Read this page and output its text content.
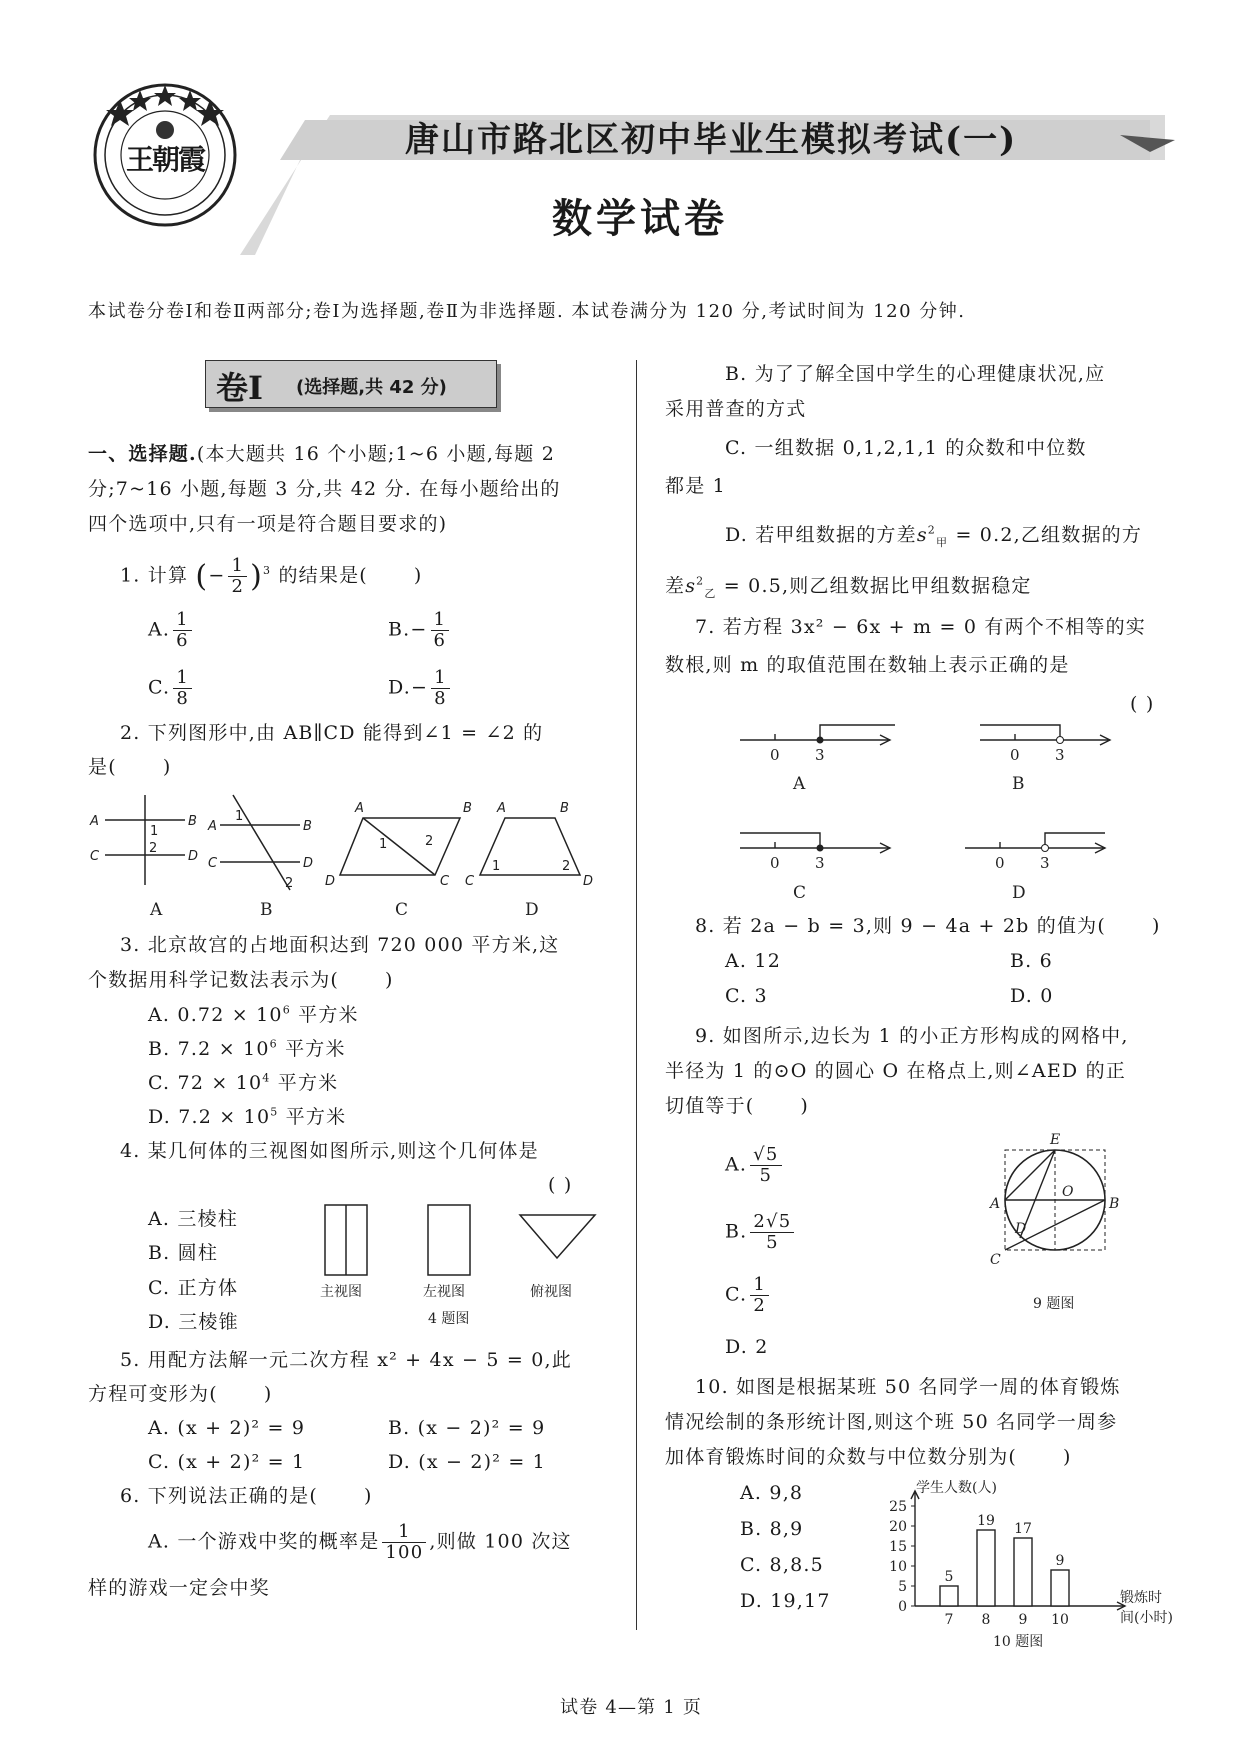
王朝霞	唐山市路北区初中毕业生模拟考试(一)
数学试卷
本试卷分卷Ⅰ和卷Ⅱ两部分;卷Ⅰ为选择题,卷Ⅱ为非选择题. 本试卷满分为 120 分,考试时间为 120 分钟.
卷Ⅰ (选择题,共 42 分)
一、选择题.(本大题共 16 个小题;1~6 小题,每题 2
分;7~16 小题,每题 3 分,共 42 分. 在每小题给出的
四个选项中,只有一项是符合题目要求的)
1. 计算 (− $\frac{1}{2} )^3$ 的结果是( )
A. $\frac{1}{6}$	$B.- \frac{1}{6}$
C. $\frac{1}{8}$	$D.- \frac{1}{8}$
2. 下列图形中,由 AB∥CD 能得到∠1 = ∠2 的
是( )
A	B
C	D
1
2
A	B
C	D
1
2
A	B
D	C
1	2
A	B
C	D
1	2
A	B	C	D
3. 北京故宫的占地面积达到 720 000 平方米,这
个数据用科学记数法表示为( )
A. $0.72 \times 10^6$ 平方米
B. $7.2 \times 10^6$ 平方米
C. $72 \times 10^4$ 平方米
D. $7.2 \times 10^5$ 平方米
4. 某几何体的三视图如图所示,则这个几何体是
( )
A. 三棱柱
B. 圆柱
C. 正方体
D. 三棱锥
主视图	左视图	俯视图
4 题图
5. 用配方法解一元二次方程 x² + 4x − 5 = 0,此
方程可变形为( )
A. (x + 2)² = 9	B. (x − 2)² = 9
C. (x + 2)² = 1	D. (x − 2)² = 1
6. 下列说法正确的是( )
A. 一个游戏中奖的概率是 $\frac{1}{100}$ ,则做 100 次这
样的游戏一定会中奖
B. 为了了解全国中学生的心理健康状况,应
采用普查的方式
C. 一组数据 0,1,2,1,1 的众数和中位数
都是 1
D. 若甲组数据的方差$s^2_甲 = 0.2$,乙组数据的方
差$s^2_乙 = 0.5$,则乙组数据比甲组数据稳定
7. 若方程 3x² − 6x + m = 0 有两个不相等的实
数根,则 m 的取值范围在数轴上表示正确的是
( )
0 3	0 3
0 3	0 3
A	B
C	D
8. 若 2a − b = 3,则 9 − 4a + 2b 的值为( )
A. 12	B. 6
C. 3	D. 0
9. 如图所示,边长为 1 的小正方形构成的网格中,
半径为 1 的⊙O 的圆心 O 在格点上,则∠AED 的正
切值等于( )
A. $\frac{√5}{5}$
B. $\frac{2√5}{5}$
C. $\frac{1}{2}$
D. 2
E
O
A	B
D
C
9 题图
10. 如图是根据某班 50 名同学一周的体育锻炼
情况绘制的条形统计图,则这个班 50 名同学一周参
加体育锻炼时间的众数与中位数分别为( )
A. 9,8
B. 8,9
C. 8,8.5
D. 19,17
学生人数(人)
锻炼时
间(小时)
10 题图
0
5
10
15
20
25
5
7
19
8
17
9
9
10
试卷 4—第 1 页
